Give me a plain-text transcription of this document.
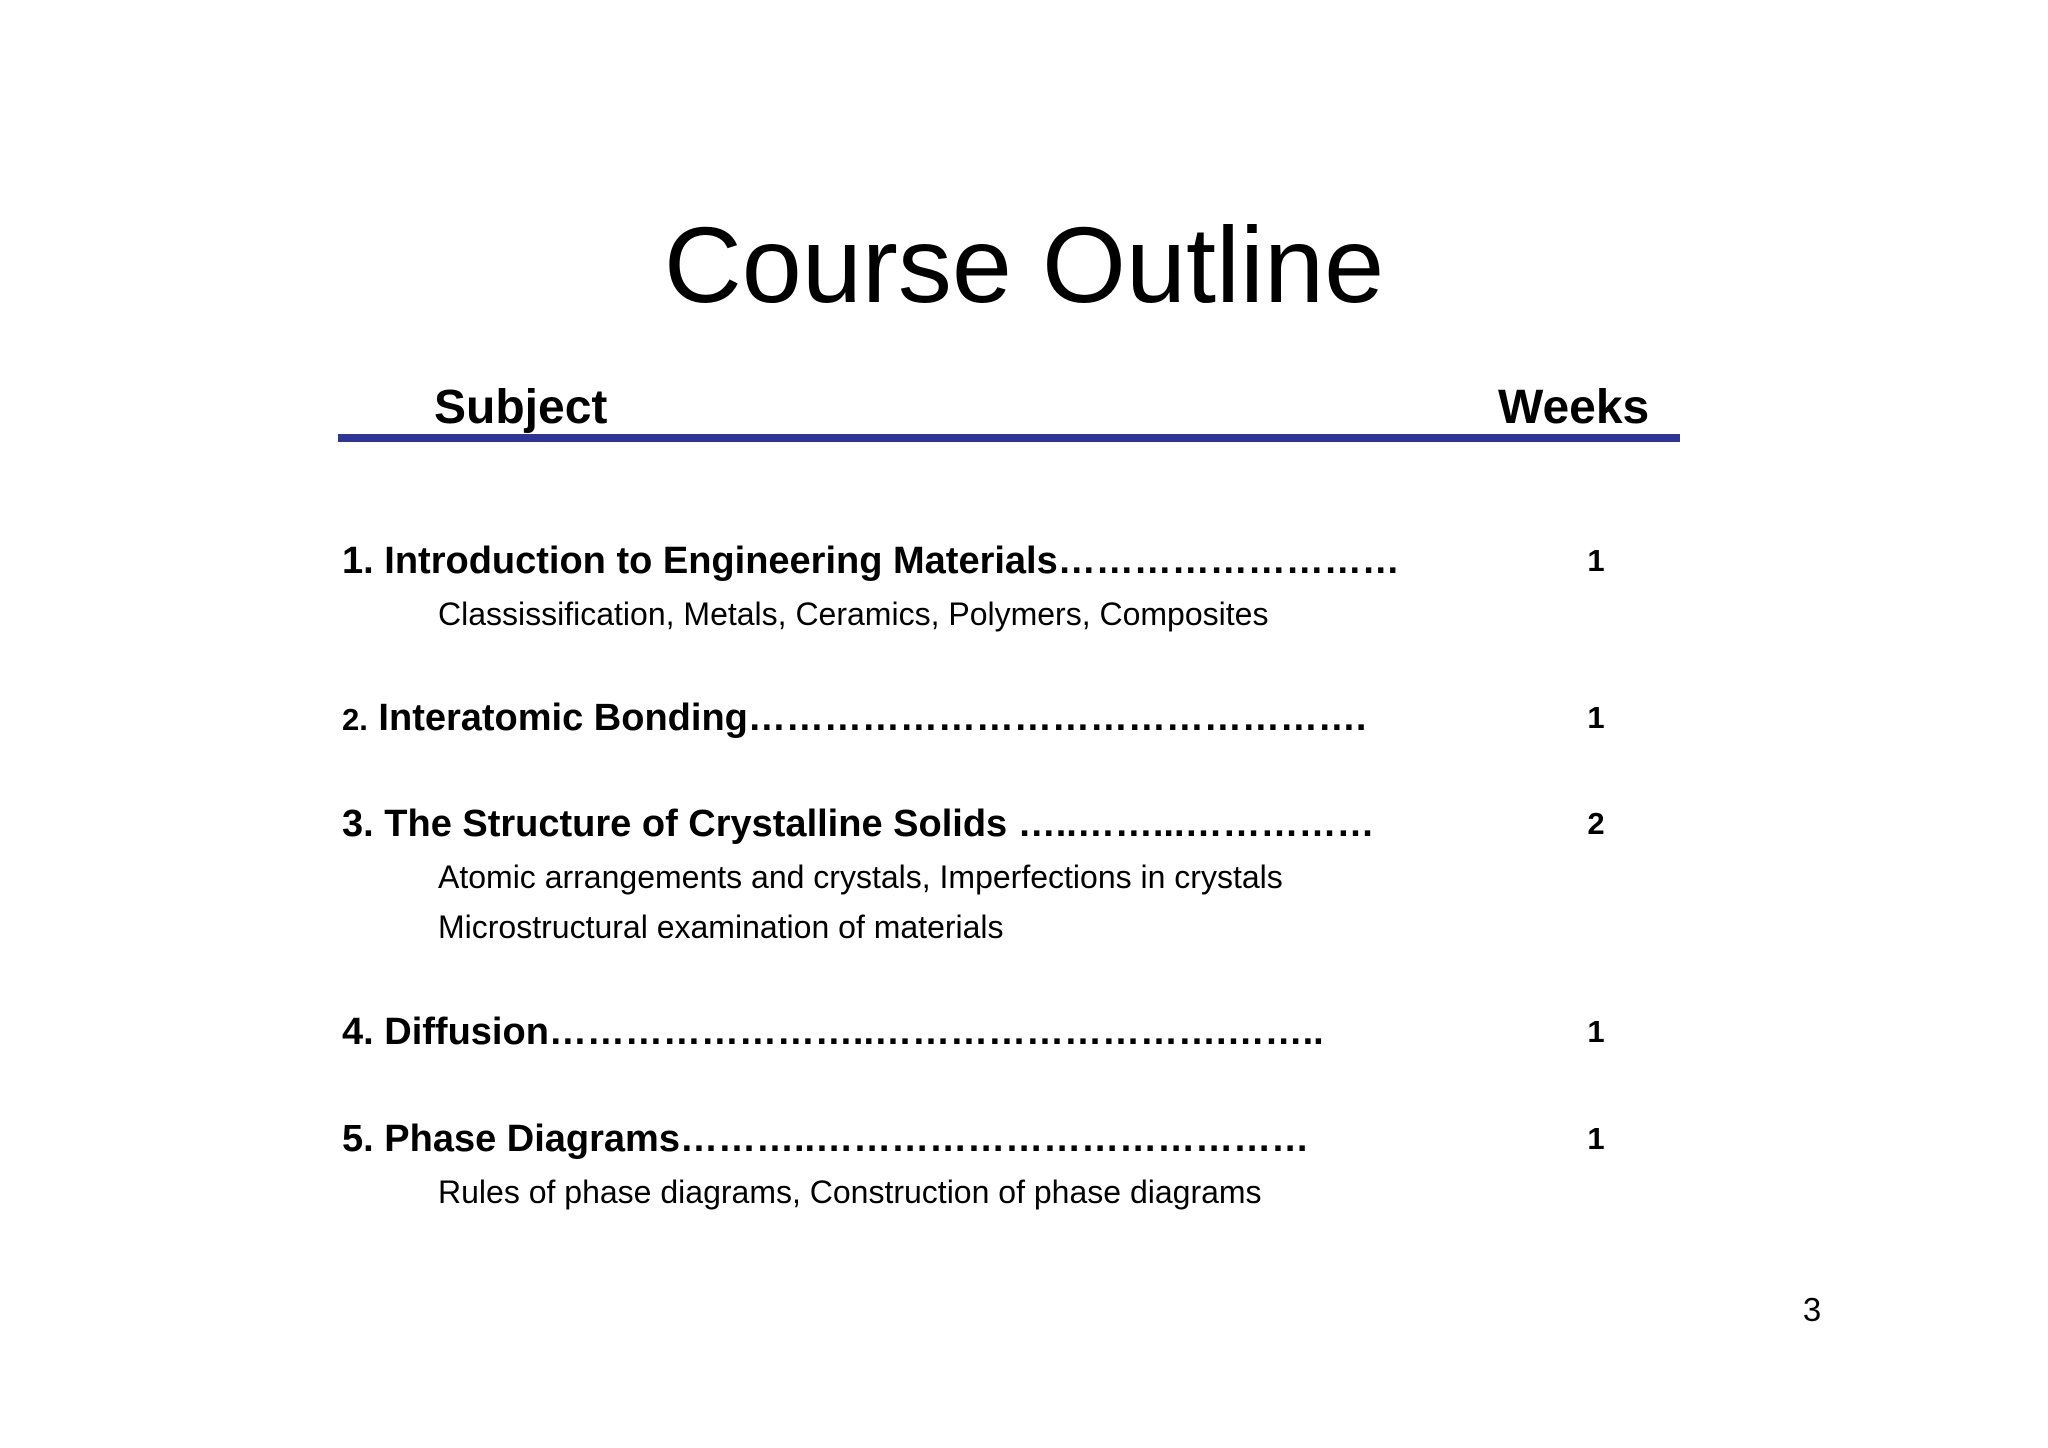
Course Outline
Subject	Weeks
1. Introduction to Engineering Materials………………………	1
Classissification, Metals, Ceramics, Polymers, Composites
2. Interatomic Bonding………………………………………….	1
3. The Structure of Crystalline Solids …..……...……………	2
Atomic arrangements and crystals, Imperfections in crystals
Microstructural examination of materials
4. Diffusion……………………..……………………….……..	1
5. Phase Diagrams………..…………………………………	1
Rules of phase diagrams, Construction of phase diagrams
3
